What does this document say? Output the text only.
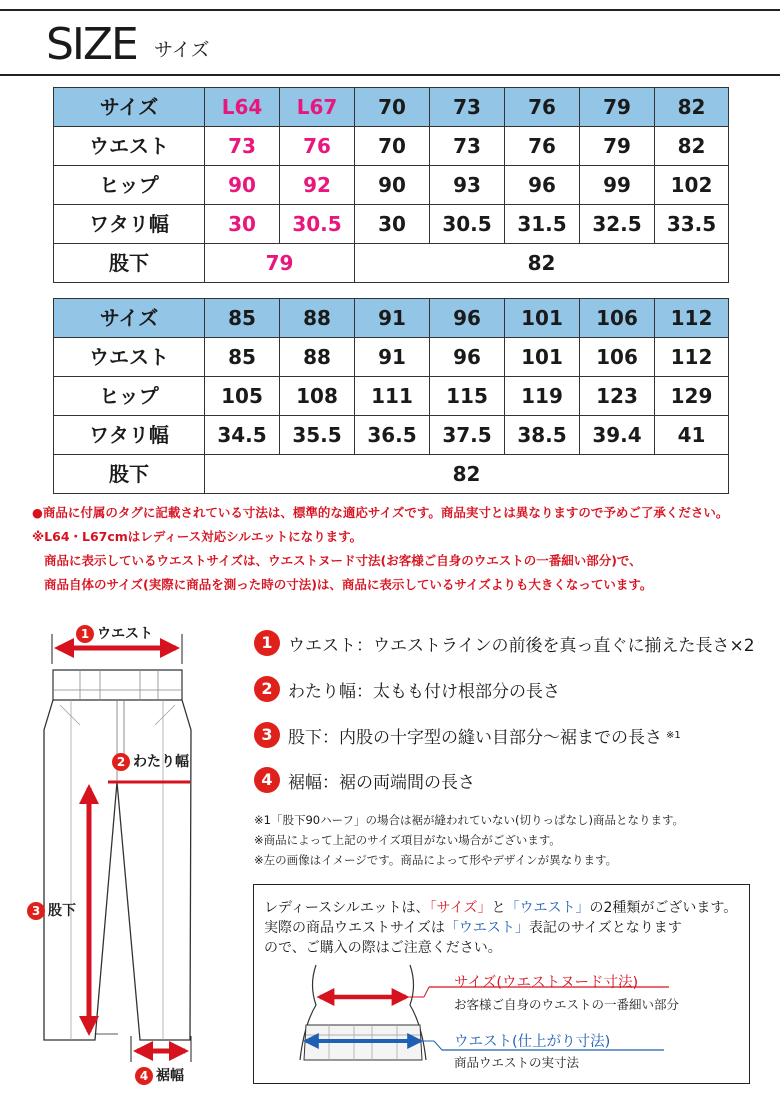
SIZE サイズ
サイズ	L64	L67	70	73	76	79	82
ウエスト	73	76	70	73	76	79	82
ヒップ	90	92	90	93	96	99	102
ワタリ幅	30	30.5	30	30.5	31.5	32.5	33.5
股下	79		82				
サイズ	85	88	91	96	101	106	112
ウエスト	85	88	91	96	101	106	112
ヒップ	105	108	111	115	119	123	129
ワタリ幅	34.5	35.5	36.5	37.5	38.5	39.4	41
股下	82						
●商品に付属のタグに記載されている寸法は、標準的な適応サイズです。商品実寸とは異なりますので予めご了承ください。
※L64・L67cmはレディース対応シルエットになります。
商品に表示しているウエストサイズは、ウエストヌード寸法(お客様ご自身のウエストの一番細い部分)で、
商品自体のサイズ(実際に商品を測った時の寸法)は、商品に表示しているサイズよりも大きくなっています。
1 ウエスト
2 わたり幅
3 股下
4 裾幅
1 ウエスト：ウエストラインの前後を真っ直ぐに揃えた長さ×2
2 わたり幅：太もも付け根部分の長さ
3 股下：内股の十字型の縫い目部分〜裾までの長さ ※1
4 裾幅：裾の両端間の長さ
※1「股下90ハーフ」の場合は裾が縫われていない(切りっぱなし)商品となります。
※商品によって上記のサイズ項目がない場合がございます。
※左の画像はイメージです。商品によって形やデザインが異なります。
レディースシルエットは、「サイズ」と「ウエスト」の2種類がございます。
実際の商品ウエストサイズは「ウエスト」表記のサイズとなります
ので、ご購入の際はご注意ください。
サイズ(ウエストヌード寸法)
お客様ご自身のウエストの一番細い部分
ウエスト(仕上がり寸法)
商品ウエストの実寸法
